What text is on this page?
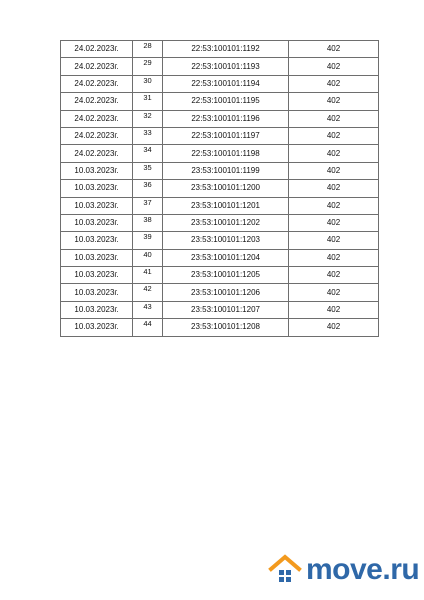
24.02.2023г.	28	22:53:100101:1192	402
24.02.2023г.	29	22:53:100101:1193	402
24.02.2023г.	30	22:53:100101:1194	402
24.02.2023г.	31	22:53:100101:1195	402
24.02.2023г.	32	22:53:100101:1196	402
24.02.2023г.	33	22:53:100101:1197	402
24.02.2023г.	34	22:53:100101:1198	402
10.03.2023г.	35	23:53:100101:1199	402
10.03.2023г.	36	23:53:100101:1200	402
10.03.2023г.	37	23:53:100101:1201	402
10.03.2023г.	38	23:53:100101:1202	402
10.03.2023г.	39	23:53:100101:1203	402
10.03.2023г.	40	23:53:100101:1204	402
10.03.2023г.	41	23:53:100101:1205	402
10.03.2023г.	42	23:53:100101:1206	402
10.03.2023г.	43	23:53:100101:1207	402
10.03.2023г.	44	23:53:100101:1208	402
move.ru
